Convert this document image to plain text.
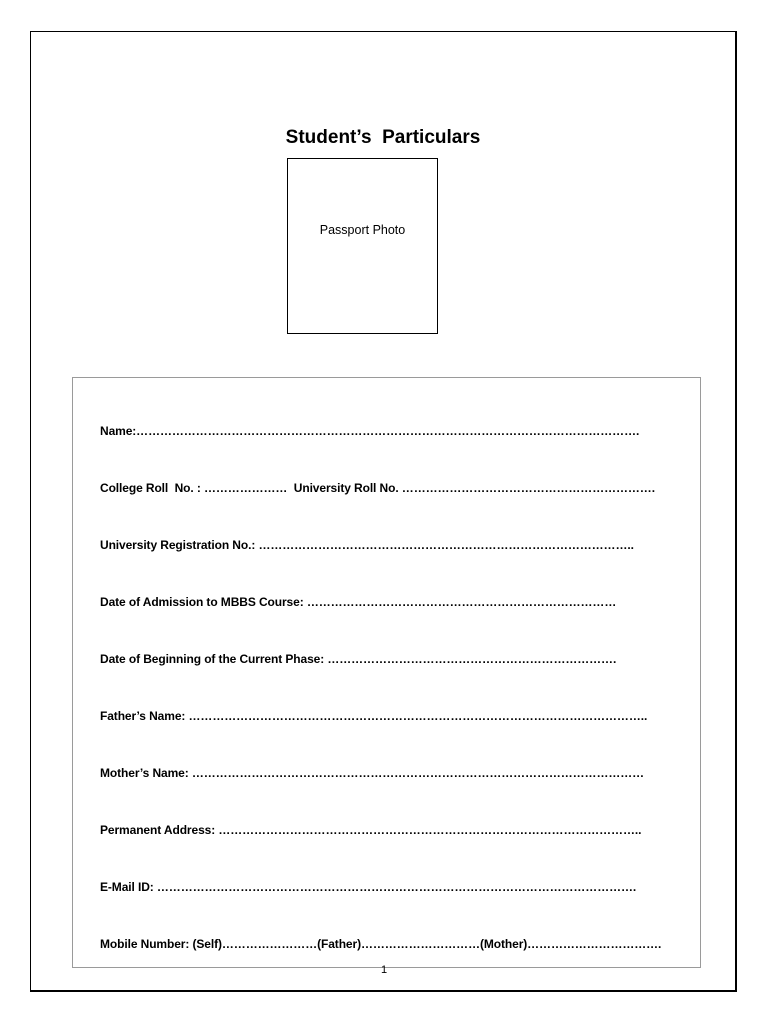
Student’s  Particulars
Passport Photo
Name:……………………………………………………………………………………………………………….
College Roll  No. : …………………  University Roll No. ……………………………………………………….
University Registration No.: …………………………………………………………………………………..
Date of Admission to MBBS Course: ……………………………………………………………………
Date of Beginning of the Current Phase: ……………………………………………………………….
Father’s Name: ……………………………………………………………………………………………………..
Mother’s Name: ……………………………………………………………………………………………………
Permanent Address: ……………………………………………………………………………………………..
E-Mail ID: ………………………………………………………………………………………………………….
Mobile Number: (Self)……………………(Father)…………………………(Mother)…………………………….
1
